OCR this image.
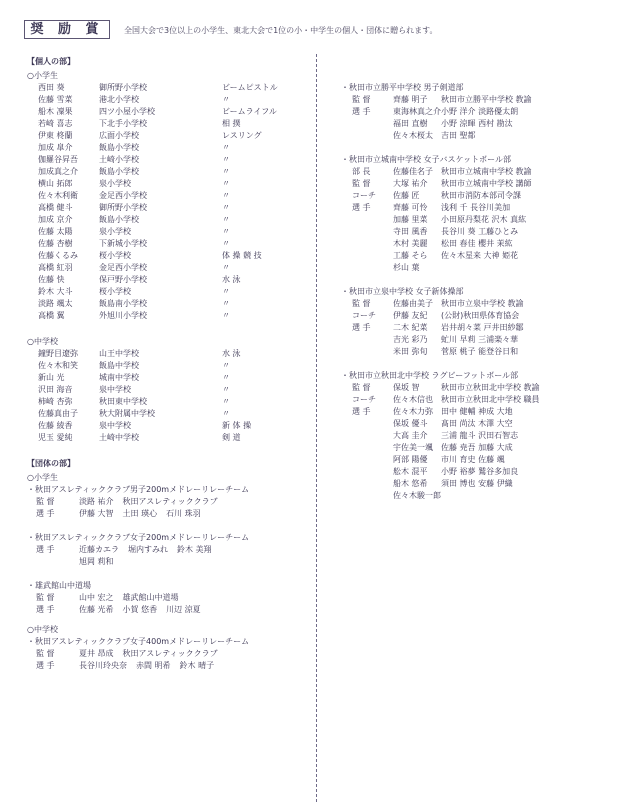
奨 励 賞	全国大会で3位以上の小学生、東北大会で1位の小・中学生の個人・団体に贈られます。
【個人の部】
○小学生
西田 葵	御所野小学校	ビームピストル
佐藤 雪菜	港北小学校	〃
船木 凜果	四ツ小屋小学校	ビームライフル
若崎 喜志	下北手小学校	相 撲
伊東 柊蘭	広面小学校	レスリング
加成 皐介	飯島小学校	〃
伽羅谷昇吾	土崎小学校	〃
加成真之介	飯島小学校	〃
横山 拓郎	泉小学校	〃
佐々木利衛	金足西小学校	〃
高橋 健斗	御所野小学校	〃
加成 京介	飯島小学校	〃
佐藤 太陽	泉小学校	〃
佐藤 杏樹	下新城小学校	〃
佐藤くるみ	桜小学校	体 操 競 技
高橋 紅羽	金足西小学校	〃
佐藤 快	保戸野小学校	水 泳
鈴木 大斗	桜小学校	〃
淡路 颯太	飯島南小学校	〃
高橋 翼	外旭川小学校	〃
○中学校
鐘野目遼弥	山王中学校	水 泳
佐々木和笑	飯島中学校	〃
新山 光	城南中学校	〃
沢田 海音	泉中学校	〃
柿崎 杏弥	秋田東中学校	〃
佐藤真由子	秋大附属中学校	〃
佐藤 綾香	泉中学校	新 体 操
児玉 愛純	土崎中学校	剣 道
【団体の部】
○小学生
・秋田アスレティッククラブ男子200mメドレーリレーチーム
監 督	淡路 祐介 秋田アスレティッククラブ
選 手	伊藤 大智 土田 瑛心 石川 珠羽
・秋田アスレティッククラブ女子200mメドレーリレーチーム
選 手	近藤カエラ 堀内すみれ 鈴木 美翔
旭岡 莉和
・雄武館山中道場
監 督	山中 宏之 雄武館山中道場
選 手	佐藤 光希 小賀 悠香 川辺 涼夏
○中学校
・秋田アスレティッククラブ女子400mメドレーリレーチーム
監 督	夏井 昂成 秋田アスレティッククラブ
選 手	長谷川玲央奈 赤間 明希 鈴木 晴子
・秋田市立勝平中学校 男子剣道部
監 督	齊藤 明子	秋田市立勝平中学校 教諭
選 手	東海林真之介 小野 洋介 淡路優太朗
福田 直樹	小野 涼暉 西村 勘汰
佐々木桜太	吉田 聖都
・秋田市立城南中学校 女子バスケットボール部
部 長	佐藤佳名子	秋田市立城南中学校 教諭
監 督	大塚 祐介	秋田市立城南中学校 講師
コーチ	佐藤 匠	秋田市消防本部司令課
選 手	齊藤 可怜	浅利 千 長谷川美加
加藤 里菜	小田原丹梨花 沢木 真紘
寺田 風香	長谷川 葵 工藤ひとみ
木村 美麗	松田 春佳 櫻井 茉紘
工藤 そら	佐々木星来 大神 姫花
杉山 葉
・秋田市立泉中学校 女子新体操部
監 督	佐藤由美子	秋田市立泉中学校 教諭
コーチ	伊藤 友紀	(公財)秋田県体育協会
選 手	二木 紀菜	岩井胡々菜 戸井田紗鄒
吉光 彩乃	虻川 早莉 三浦楽々華
米田 弥旬	菅原 桃子 能登谷日和
・秋田市立秋田北中学校 ラグビーフットボール部
監 督	保坂 智	秋田市立秋田北中学校 教諭
コーチ	佐々木信也	秋田市立秋田北中学校 職員
選 手	佐々木力弥	田中 健輔 神成 大地
保坂 優斗	髙田 尚汰 木澤 大空
大高 圭介	三浦 龍斗 沢田石智志
宇佐美一颯	佐藤 尭吾 加藤 大成
阿部 陽優	市川 育史 佐藤 颯
舩木 混平	小野 裕夢 鷲谷多加良
船木 悠希	須田 博也 安藤 伊織
佐々木駿一郎
